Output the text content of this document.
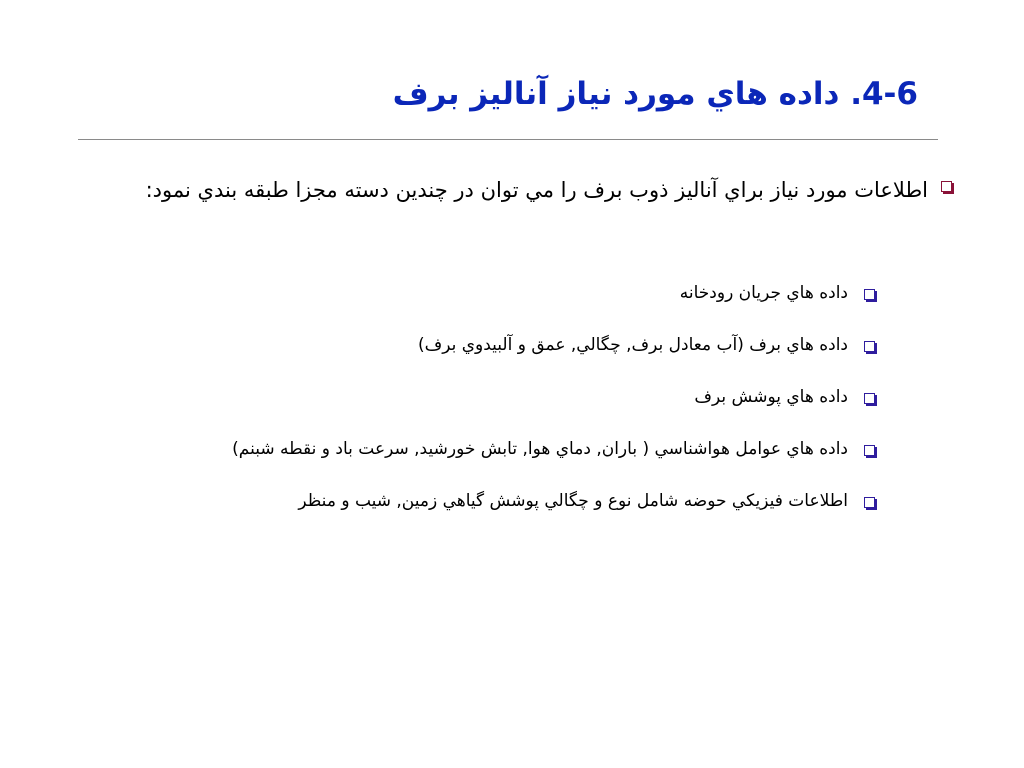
4-6. داده هاي مورد نياز آناليز برف
اطلاعات مورد نياز براي آناليز ذوب برف را مي توان در چندين دسته مجزا طبقه بندي نمود:
داده هاي جريان رودخانه
داده هاي برف (آب معادل برف, چگالي, عمق و آلبيدوي برف)
داده هاي پوشش برف
داده هاي عوامل هواشناسي ( باران, دماي هوا, تابش خورشيد, سرعت باد و نقطه شبنم)
اطلاعات فيزيكي حوضه شامل نوع و چگالي پوشش گياهي زمين, شيب و منظر
